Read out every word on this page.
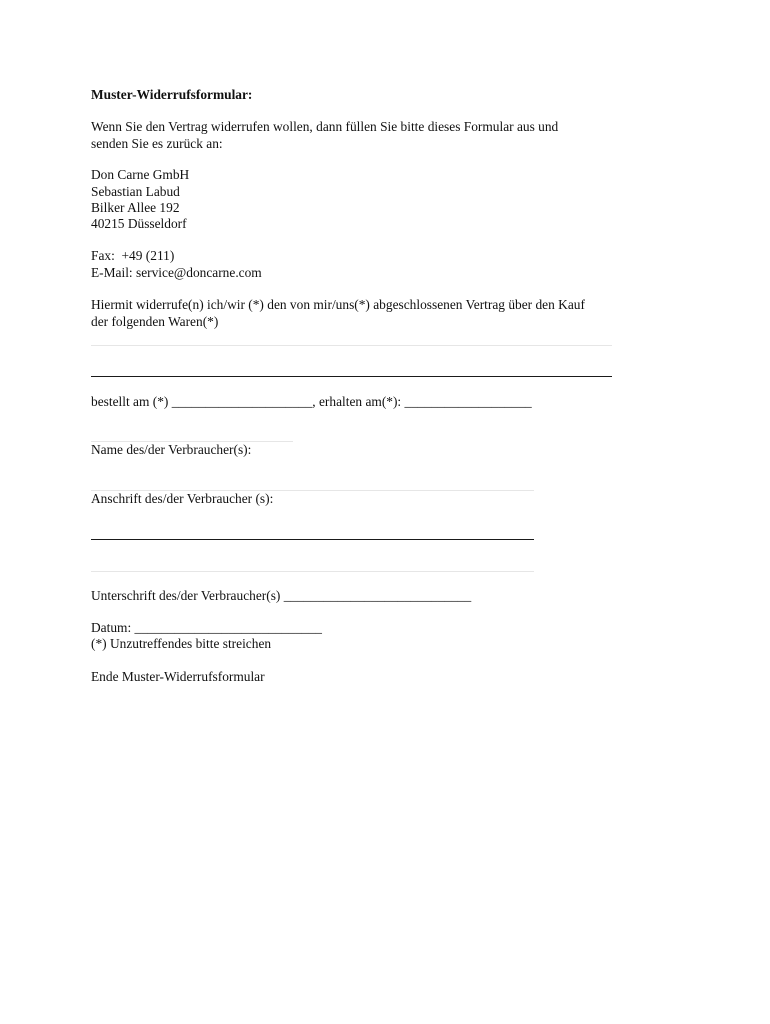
Muster-Widerrufsformular:

Wenn Sie den Vertrag widerrufen wollen, dann füllen Sie bitte dieses Formular aus und

senden Sie es zurück an:

Don Carne GmbH

Sebastian Labud

Bilker Allee 192

40215 Düsseldorf

Fax:  +49 (211)

E-Mail: service@doncarne.com

Hiermit widerrufe(n) ich/wir (*) den von mir/uns(*) abgeschlossenen Vertrag über den Kauf

der folgenden Waren(*)

bestellt am (*) _____________________, erhalten am(*): ___________________

Name des/der Verbraucher(s):

Anschrift des/der Verbraucher (s):

Unterschrift des/der Verbraucher(s) ____________________________

Datum: ____________________________

(*) Unzutreffendes bitte streichen

Ende Muster-Widerrufsformular
